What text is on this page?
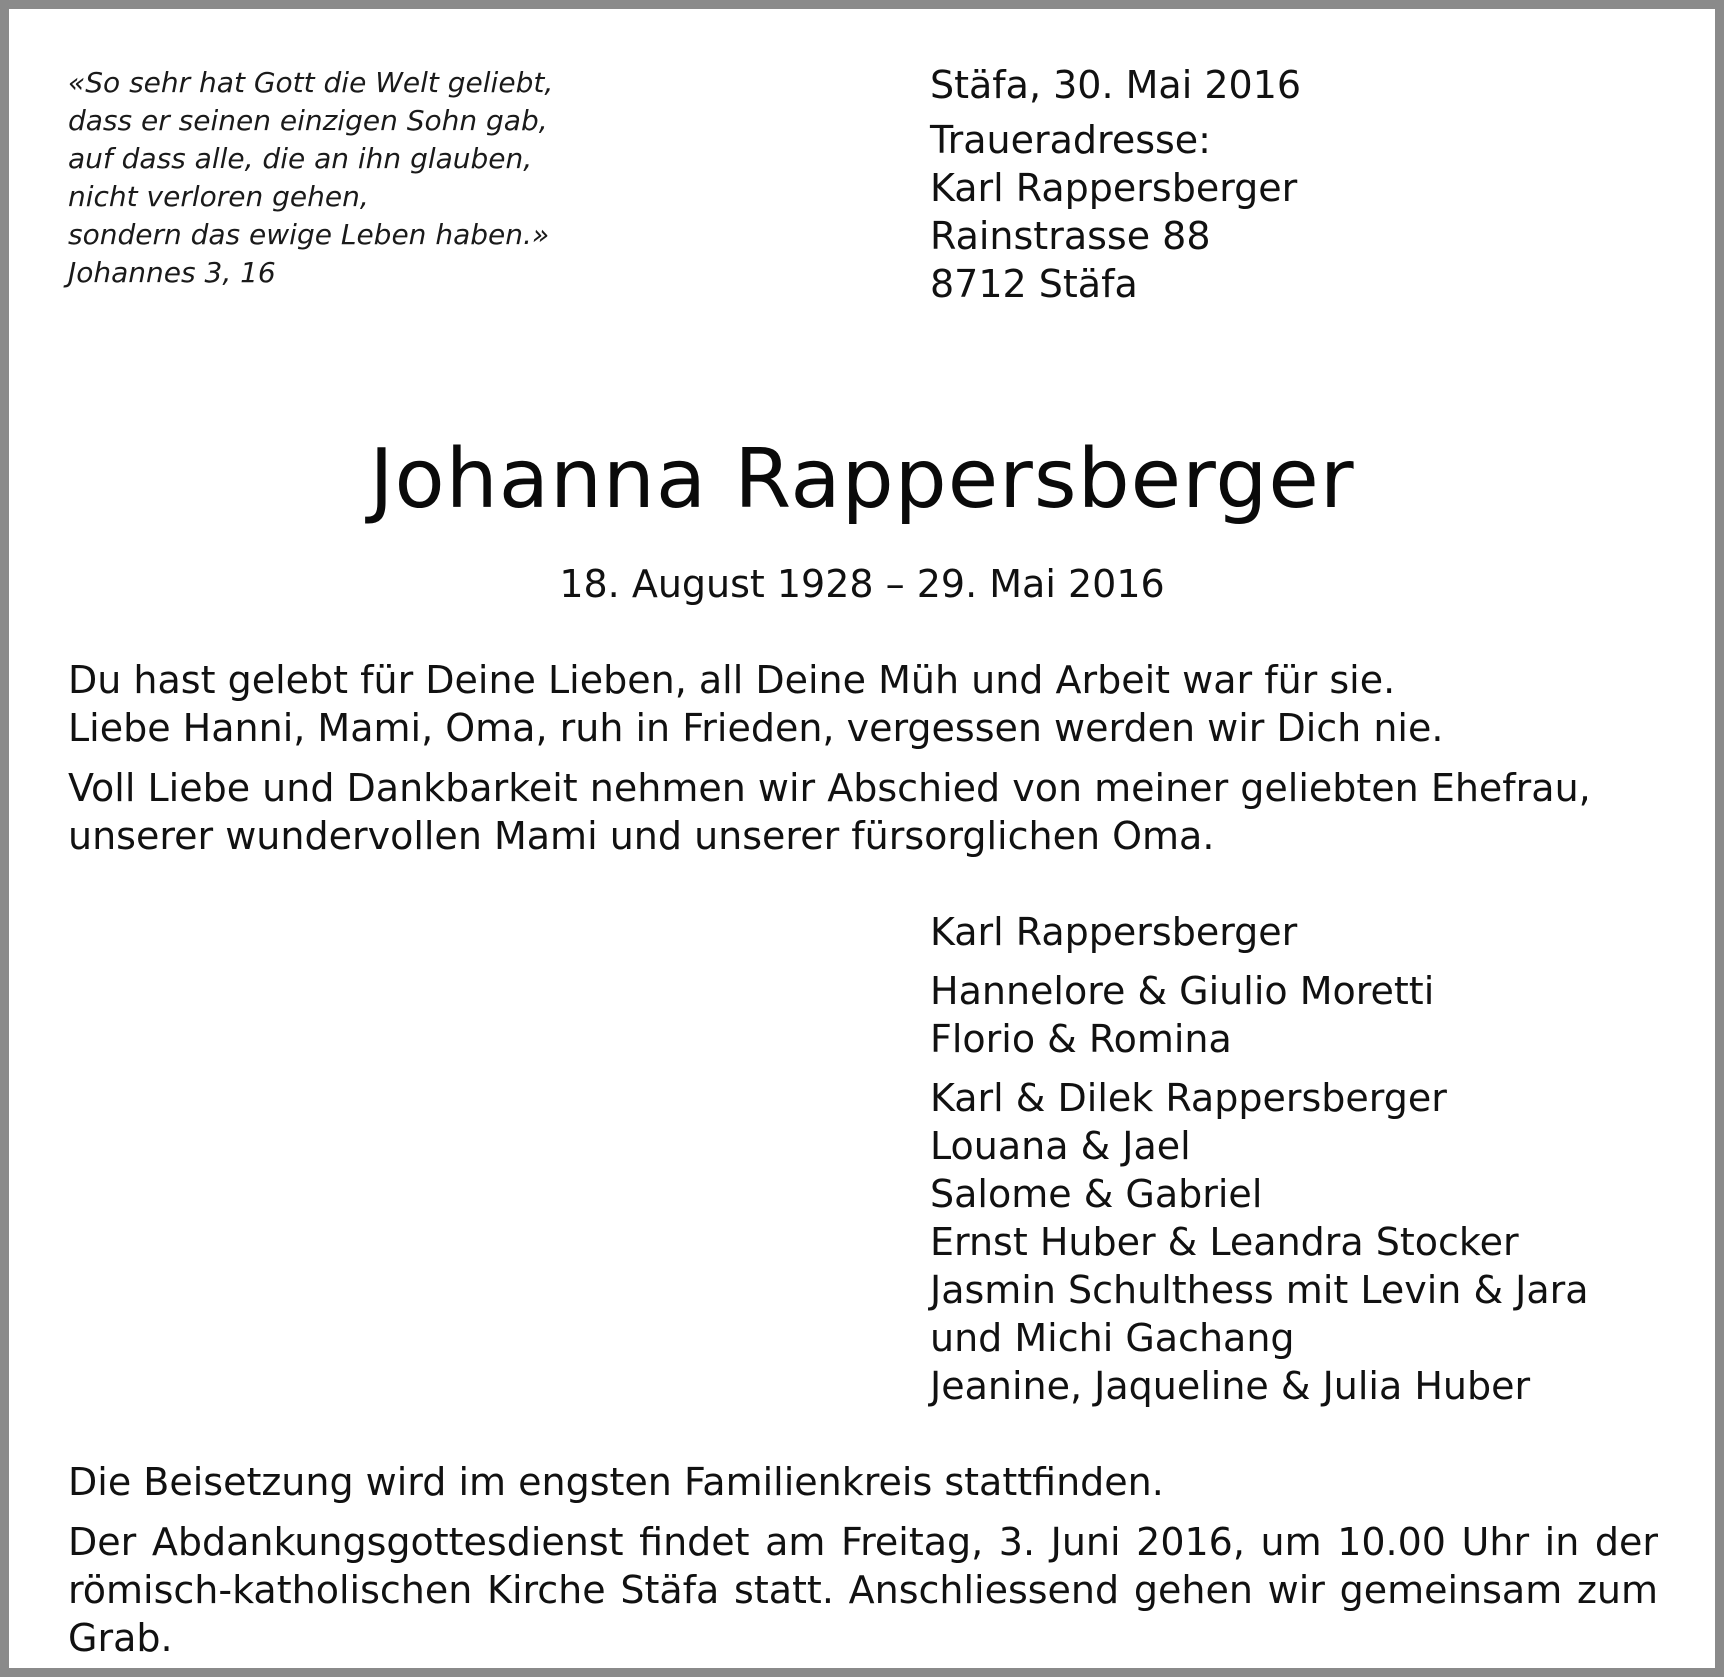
«So sehr hat Gott die Welt geliebt,
dass er seinen einzigen Sohn gab,
auf dass alle, die an ihn glauben,
nicht verloren gehen,
sondern das ewige Leben haben.»
Johannes 3, 16
Stäfa, 30. Mai 2016
Traueradresse:
Karl Rappersberger
Rainstrasse 88
8712 Stäfa
Johanna Rappersberger
18. August 1928 – 29. Mai 2016
Du hast gelebt für Deine Lieben, all Deine Müh und Arbeit war für sie.
Liebe Hanni, Mami, Oma, ruh in Frieden, vergessen werden wir Dich nie.
Voll Liebe und Dankbarkeit nehmen wir Abschied von meiner geliebten Ehefrau, unserer wundervollen Mami und unserer fürsorglichen Oma.
Karl Rappersberger
Hannelore & Giulio Moretti
Florio & Romina
Karl & Dilek Rappersberger
Louana & Jael
Salome & Gabriel
Ernst Huber & Leandra Stocker
Jasmin Schulthess mit Levin & Jara
und Michi Gachang
Jeanine, Jaqueline & Julia Huber
Die Beisetzung wird im engsten Familienkreis stattfinden.
Der Abdankungsgottesdienst findet am Freitag, 3. Juni 2016, um 10.00 Uhr in der
römisch-katholischen Kirche Stäfa statt. Anschliessend gehen wir gemeinsam zum Grab.
